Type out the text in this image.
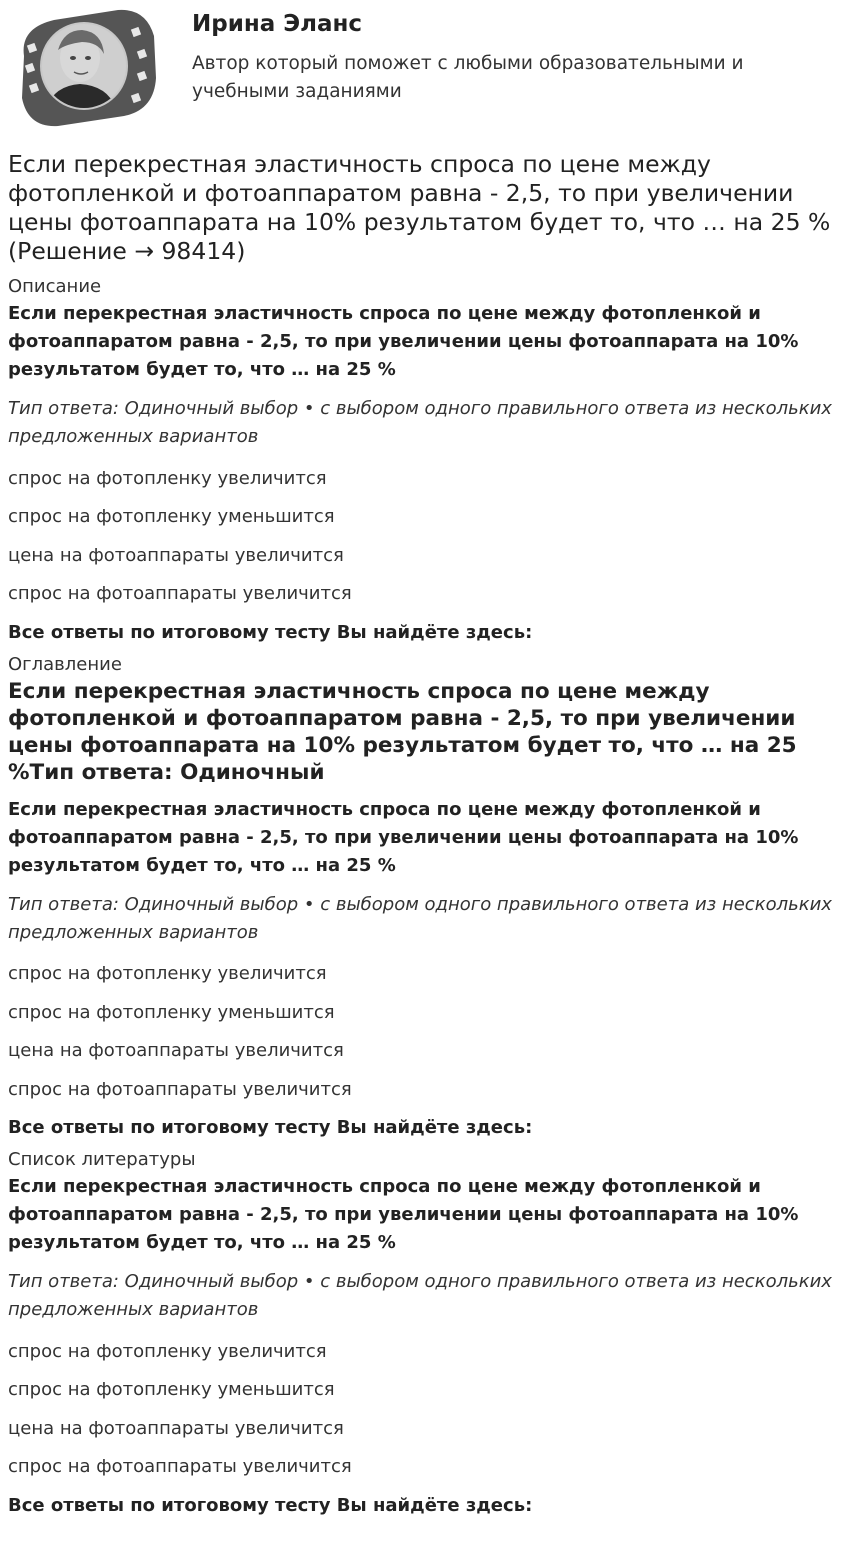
Ирина Эланс
Автор который поможет с любыми образовательными и учебными заданиями
Если перекрестная эластичность спроса по цене между фотопленкой и фотоаппаратом равна - 2,5, то при увеличении цены фотоаппарата на 10% результатом будет то, что … на 25 % (Решение → 98414)
Описание

Если перекрестная эластичность спроса по цене между фотопленкой и фотоаппаратом равна - 2,5, то при увеличении цены фотоаппарата на 10% результатом будет то, что … на 25 %

Тип ответа: Одиночный выбор • с выбором одного правильного ответа из нескольких предложенных вариантов
спрос на фотопленку увеличится
спрос на фотопленку уменьшится
цена на фотоаппараты увеличится
спрос на фотоаппараты увеличится
Все ответы по итоговому тесту Вы найдёте здесь:
Оглавление
Если перекрестная эластичность спроса по цене между фотопленкой и фотоаппаратом равна - 2,5, то при увеличении цены фотоаппарата на 10% результатом будет то, что … на 25 %Тип ответа: Одиночный

Если перекрестная эластичность спроса по цене между фотопленкой и фотоаппаратом равна - 2,5, то при увеличении цены фотоаппарата на 10% результатом будет то, что … на 25 %

Тип ответа: Одиночный выбор • с выбором одного правильного ответа из нескольких предложенных вариантов
спрос на фотопленку увеличится
спрос на фотопленку уменьшится
цена на фотоаппараты увеличится
спрос на фотоаппараты увеличится
Все ответы по итоговому тесту Вы найдёте здесь:
Список литературы

Если перекрестная эластичность спроса по цене между фотопленкой и фотоаппаратом равна - 2,5, то при увеличении цены фотоаппарата на 10% результатом будет то, что … на 25 %

Тип ответа: Одиночный выбор • с выбором одного правильного ответа из нескольких предложенных вариантов
спрос на фотопленку увеличится
спрос на фотопленку уменьшится
цена на фотоаппараты увеличится
спрос на фотоаппараты увеличится
Все ответы по итоговому тесту Вы найдёте здесь:
